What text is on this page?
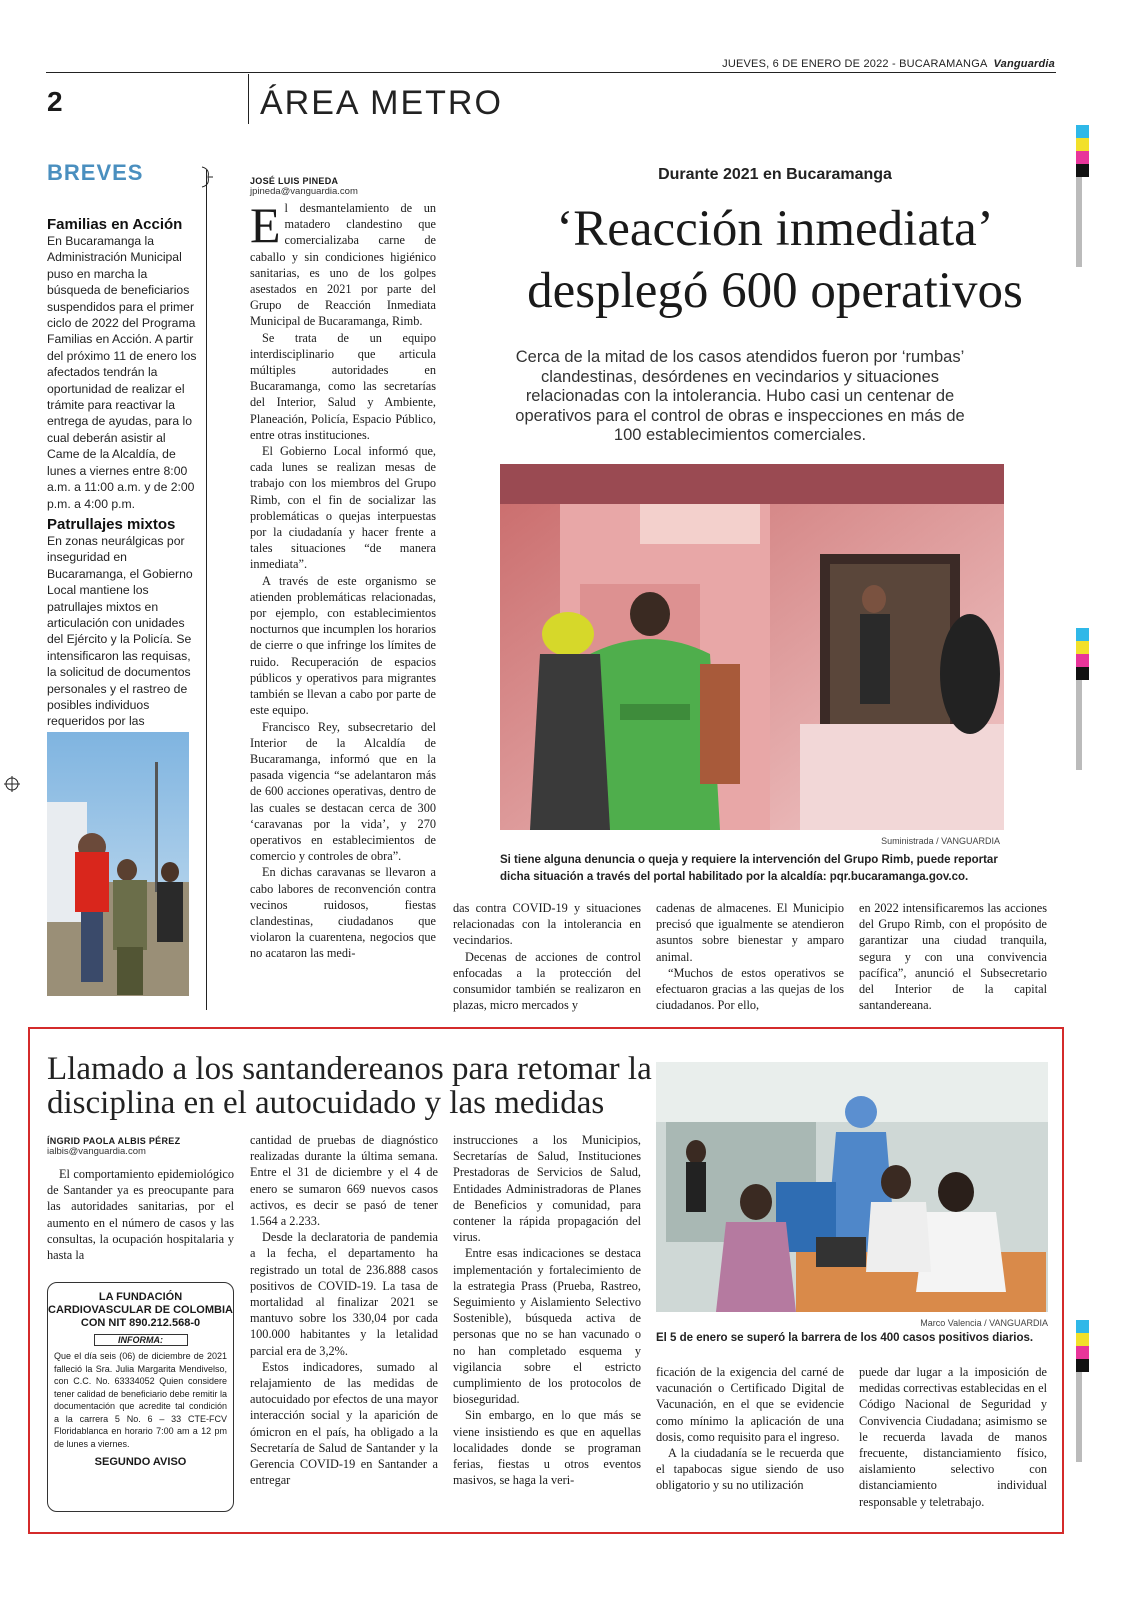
JUEVES, 6 DE ENERO DE 2022 - BUCARAMANGA Vanguardia
2	ÁREA METRO
BREVES
Familias en Acción
En Bucaramanga la Administración Municipal puso en marcha la búsqueda de beneficiarios suspendidos para el primer ciclo de 2022 del Programa Familias en Acción. A partir del próximo 11 de enero los afectados tendrán la oportunidad de realizar el trámite para reactivar la entrega de ayudas, para lo cual deberán asistir al Came de la Alcaldía, de lunes a viernes entre 8:00 a.m. a 11:00 a.m. y de 2:00 p.m. a 4:00 p.m.
Patrullajes mixtos
En zonas neurálgicas por inseguridad en Bucaramanga, el Gobierno Local mantiene los patrullajes mixtos en articulación con unidades del Ejército y la Policía. Se intensificaron las requisas, la solicitud de documentos personales y el rastreo de posibles individuos requeridos por las
JOSÉ LUIS PINEDA
jpineda@vanguardia.com

El desmantelamiento de un matadero clandestino que comercializaba carne de caballo y sin condiciones higiénico sanitarias, es uno de los golpes asestados en 2021 por parte del Grupo de Reacción Inmediata Municipal de Bucaramanga, Rimb.

Se trata de un equipo interdisciplinario que articula múltiples autoridades en Bucaramanga, como las secretarías del Interior, Salud y Ambiente, Planeación, Policía, Espacio Público, entre otras instituciones.

El Gobierno Local informó que, cada lunes se realizan mesas de trabajo con los miembros del Grupo Rimb, con el fin de socializar las problemáticas o quejas interpuestas por la ciudadanía y hacer frente a tales situaciones “de manera inmediata”.

A través de este organismo se atienden problemáticas relacionadas, por ejemplo, con establecimientos nocturnos que incumplen los horarios de cierre o que infringe los límites de ruido. Recuperación de espacios públicos y operativos para migrantes también se llevan a cabo por parte de este equipo.

Francisco Rey, subsecretario del Interior de la Alcaldía de Bucaramanga, informó que en la pasada vigencia “se adelantaron más de 600 acciones operativas, dentro de las cuales se destacan cerca de 300 ‘caravanas por la vida’, y 270 operativos en establecimientos de comercio y controles de obra”.

En dichas caravanas se llevaron a cabo labores de reconvención contra vecinos ruidosos, fiestas clandestinas, ciudadanos que violaron la cuarentena, negocios que no acataron las medi-

Durante 2021 en Bucaramanga
‘Reacción inmediata’ desplegó 600 operativos
Cerca de la mitad de los casos atendidos fueron por ‘rumbas’ clandestinas, desórdenes en vecindarios y situaciones relacionadas con la intolerancia. Hubo casi un centenar de operativos para el control de obras e inspecciones en más de 100 establecimientos comerciales.
Suministrada / VANGUARDIA
Si tiene alguna denuncia o queja y requiere la intervención del Grupo Rimb, puede reportar dicha situación a través del portal habilitado por la alcaldía: pqr.bucaramanga.gov.co.

das contra COVID-19 y situaciones relacionadas con la intolerancia en vecindarios.

Decenas de acciones de control enfocadas a la protección del consumidor también se realizaron en plazas, micro mercados y

cadenas de almacenes. El Municipio precisó que igualmente se atendieron asuntos sobre bienestar y amparo animal.

“Muchos de estos operativos se efectuaron gracias a las quejas de los ciudadanos. Por ello,

en 2022 intensificaremos las acciones del Grupo Rimb, con el propósito de garantizar una ciudad tranquila, segura y con una convivencia pacífica”, anunció el Subsecretario del Interior de la capital santandereana.

Llamado a los santandereanos para retomar la disciplina en el autocuidado y las medidas
ÍNGRID PAOLA ALBIS PÉREZ
ialbis@vanguardia.com

El comportamiento epidemiológico de Santander ya es preocupante para las autoridades sanitarias, por el aumento en el número de casos y las consultas, la ocupación hospitalaria y hasta la

LA FUNDACIÓN CARDIOVASCULAR DE COLOMBIA CON NIT 890.212.568-0
INFORMA:
Que el día seis (06) de diciembre de 2021 falleció la Sra. Julia Margarita Mendivelso, con C.C. No. 63334052 Quien considere tener calidad de beneficiario debe remitir la documentación que acredite tal condición a la carrera 5 No. 6 – 33 CTE-FCV Floridablanca en horario 7:00 am a 12 pm de lunes a viernes.
SEGUNDO AVISO

cantidad de pruebas de diagnóstico realizadas durante la última semana. Entre el 31 de diciembre y el 4 de enero se sumaron 669 nuevos casos activos, es decir se pasó de tener 1.564 a 2.233.

Desde la declaratoria de pandemia a la fecha, el departamento ha registrado un total de 236.888 casos positivos de COVID-19. La tasa de mortalidad al finalizar 2021 se mantuvo sobre los 330,04 por cada 100.000 habitantes y la letalidad parcial era de 3,2%.

Estos indicadores, sumado al relajamiento de las medidas de autocuidado por efectos de una mayor interacción social y la aparición de ómicron en el país, ha obligado a la Secretaría de Salud de Santander y la Gerencia COVID-19 en Santander a entregar

instrucciones a los Municipios, Secretarías de Salud, Instituciones Prestadoras de Servicios de Salud, Entidades Administradoras de Planes de Beneficios y comunidad, para contener la rápida propagación del virus.

Entre esas indicaciones se destaca implementación y fortalecimiento de la estrategia Prass (Prueba, Rastreo, Seguimiento y Aislamiento Selectivo Sostenible), búsqueda activa de personas que no se han vacunado o no han completado esquema y vigilancia sobre el estricto cumplimiento de los protocolos de bioseguridad.

Sin embargo, en lo que más se viene insistiendo es que en aquellas localidades donde se programan ferias, fiestas u otros eventos masivos, se haga la veri-

Marco Valencia / VANGUARDIA
El 5 de enero se superó la barrera de los 400 casos positivos diarios.

ficación de la exigencia del carné de vacunación o Certificado Digital de Vacunación, en el que se evidencie como mínimo la aplicación de una dosis, como requisito para el ingreso.

A la ciudadanía se le recuerda que el tapabocas sigue siendo de uso obligatorio y su no utilización

puede dar lugar a la imposición de medidas correctivas establecidas en el Código Nacional de Seguridad y Convivencia Ciudadana; asimismo se le recuerda lavada de manos frecuente, distanciamiento físico, aislamiento selectivo con distanciamiento individual responsable y teletrabajo.
